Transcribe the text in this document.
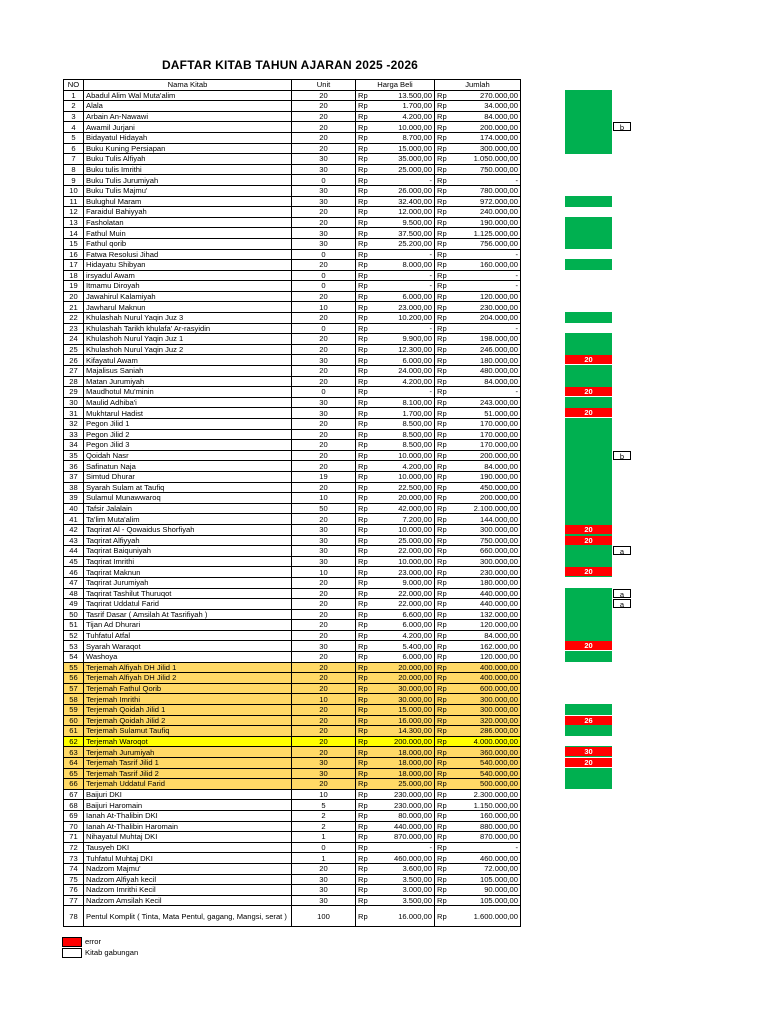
DAFTAR KITAB TAHUN AJARAN 2025 -2026
NO	Nama Kitab	Unit	Harga Beli		Jumlah	
1	Abadul Alim Wal Muta'alim	20	Rp	13.500,00	Rp	270.000,00
2	Alala	20	Rp	1.700,00	Rp	34.000,00
3	Arbain An-Nawawi	20	Rp	4.200,00	Rp	84.000,00
4	Awamil Jurjani	20	Rp	10.000,00	Rp	200.000,00
5	Bidayatul Hidayah	20	Rp	8.700,00	Rp	174.000,00
6	Buku Kuning Persiapan	20	Rp	15.000,00	Rp	300.000,00
7	Buku Tulis Alfiyah	30	Rp	35.000,00	Rp	1.050.000,00
8	Buku tulis Imrithi	30	Rp	25.000,00	Rp	750.000,00
9	Buku Tulis Jurumiyah	0	Rp	-	Rp	-
10	Buku Tulis Majmu'	30	Rp	26.000,00	Rp	780.000,00
11	Bulughul Maram	30	Rp	32.400,00	Rp	972.000,00
12	Faraidul Bahiyyah	20	Rp	12.000,00	Rp	240.000,00
13	Fasholatan	20	Rp	9.500,00	Rp	190.000,00
14	Fathul Muin	30	Rp	37.500,00	Rp	1.125.000,00
15	Fathul qorib	30	Rp	25.200,00	Rp	756.000,00
16	Fatwa Resolusi Jihad	0	Rp	-	Rp	-
17	Hidayatu Shibyan	20	Rp	8.000,00	Rp	160.000,00
18	irsyadul Awam	0	Rp	-	Rp	-
19	Itmamu Diroyah	0	Rp	-	Rp	-
20	Jawahirul Kalamiyah	20	Rp	6.000,00	Rp	120.000,00
21	Jawharul Maknun	10	Rp	23.000,00	Rp	230.000,00
22	Khulashah Nurul Yaqin Juz 3	20	Rp	10.200,00	Rp	204.000,00
23	Khulashah Tarikh khulafa' Ar-rasyidin	0	Rp	-	Rp	-
24	Khulashoh Nurul Yaqin Juz 1	20	Rp	9.900,00	Rp	198.000,00
25	Khulashoh Nurul Yaqin Juz 2	20	Rp	12.300,00	Rp	246.000,00
26	Kifayatul Awam	30	Rp	6.000,00	Rp	180.000,00
27	Majalisus Saniah	20	Rp	24.000,00	Rp	480.000,00
28	Matan Jurumiyah	20	Rp	4.200,00	Rp	84.000,00
29	Maudhotul Mu'minin	0	Rp	-	Rp	-
30	Maulid Adhiba'i	30	Rp	8.100,00	Rp	243.000,00
31	Mukhtarul Hadist	30	Rp	1.700,00	Rp	51.000,00
32	Pegon Jilid 1	20	Rp	8.500,00	Rp	170.000,00
33	Pegon Jilid 2	20	Rp	8.500,00	Rp	170.000,00
34	Pegon Jilid 3	20	Rp	8.500,00	Rp	170.000,00
35	Qoidah Nasr	20	Rp	10.000,00	Rp	200.000,00
36	Safinatun Naja	20	Rp	4.200,00	Rp	84.000,00
37	Simtud Dhurar	19	Rp	10.000,00	Rp	190.000,00
38	Syarah Sulam at Taufiq	20	Rp	22.500,00	Rp	450.000,00
39	Sulamul Munawwaroq	10	Rp	20.000,00	Rp	200.000,00
40	Tafsir Jalalain	50	Rp	42.000,00	Rp	2.100.000,00
41	Ta'lim Muta'alim	20	Rp	7.200,00	Rp	144.000,00
42	Taqrirat Al - Qowaidus Shorfiyah	30	Rp	10.000,00	Rp	300.000,00
43	Taqrirat Alfiyyah	30	Rp	25.000,00	Rp	750.000,00
44	Taqrirat Baiquniyah	30	Rp	22.000,00	Rp	660.000,00
45	Taqrirat Imrithi	30	Rp	10.000,00	Rp	300.000,00
46	Taqrirat Maknun	10	Rp	23.000,00	Rp	230.000,00
47	Taqrirat Jurumiyah	20	Rp	9.000,00	Rp	180.000,00
48	Taqrirat Tashilut Thuruqot	20	Rp	22.000,00	Rp	440.000,00
49	Taqrirat Uddatul Farid	20	Rp	22.000,00	Rp	440.000,00
50	Tasrif Dasar ( Amsilah At Tasrifiyah )	20	Rp	6.600,00	Rp	132.000,00
51	Tijan Ad Dhurari	20	Rp	6.000,00	Rp	120.000,00
52	Tuhfatul Atfal	20	Rp	4.200,00	Rp	84.000,00
53	Syarah Waraqot	30	Rp	5.400,00	Rp	162.000,00
54	Washoya	20	Rp	6.000,00	Rp	120.000,00
55	Terjemah Alfiyah DH Jilid 1	20	Rp	20.000,00	Rp	400.000,00
56	Terjemah Alfiyah DH Jilid 2	20	Rp	20.000,00	Rp	400.000,00
57	Terjemah Fathul Qorib	20	Rp	30.000,00	Rp	600.000,00
58	Terjemah Imrithi	10	Rp	30.000,00	Rp	300.000,00
59	Terjemah Qoidah Jilid 1	20	Rp	15.000,00	Rp	300.000,00
60	Terjemah Qoidah Jilid 2	20	Rp	16.000,00	Rp	320.000,00
61	Terjemah Sulamut Taufiq	20	Rp	14.300,00	Rp	286.000,00
62	Terjemah Waroqot	20	Rp	200.000,00	Rp	4.000.000,00
63	Terjemah Jurumiyah	20	Rp	18.000,00	Rp	360.000,00
64	Terjemah Tasrif Jilid 1	30	Rp	18.000,00	Rp	540.000,00
65	Terjemah Tasrif Jilid 2	30	Rp	18.000,00	Rp	540.000,00
66	Terjemah Uddatul Farid	20	Rp	25.000,00	Rp	500.000,00
67	Baijuri DKI	10	Rp	230.000,00	Rp	2.300.000,00
68	Baijuri Haromain	5	Rp	230.000,00	Rp	1.150.000,00
69	Ianah At-Thalibin DKI	2	Rp	80.000,00	Rp	160.000,00
70	Ianah At-Thalibin Haromain	2	Rp	440.000,00	Rp	880.000,00
71	Nihayatul Muhtaj DKI	1	Rp	870.000,00	Rp	870.000,00
72	Tausyeh DKI	0	Rp	-	Rp	-
73	Tuhfatul Muhtaj DKI	1	Rp	460.000,00	Rp	460.000,00
74	Nadzom Majmu'	20	Rp	3.600,00	Rp	72.000,00
75	Nadzom Alfiyah kecil	30	Rp	3.500,00	Rp	105.000,00
76	Nadzom Imrithi Kecil	30	Rp	3.000,00	Rp	90.000,00
77	Nadzom Amsilah Kecil	30	Rp	3.500,00	Rp	105.000,00
78	Pentul Komplit ( Tinta, Mata Pentul, gagang, Mangsi, serat )	100	Rp	16.000,00	Rp	1.600.000,00
20
20
20
20
20
20
20
26
30
20
b
b
a
a
a
error
Kitab gabungan
